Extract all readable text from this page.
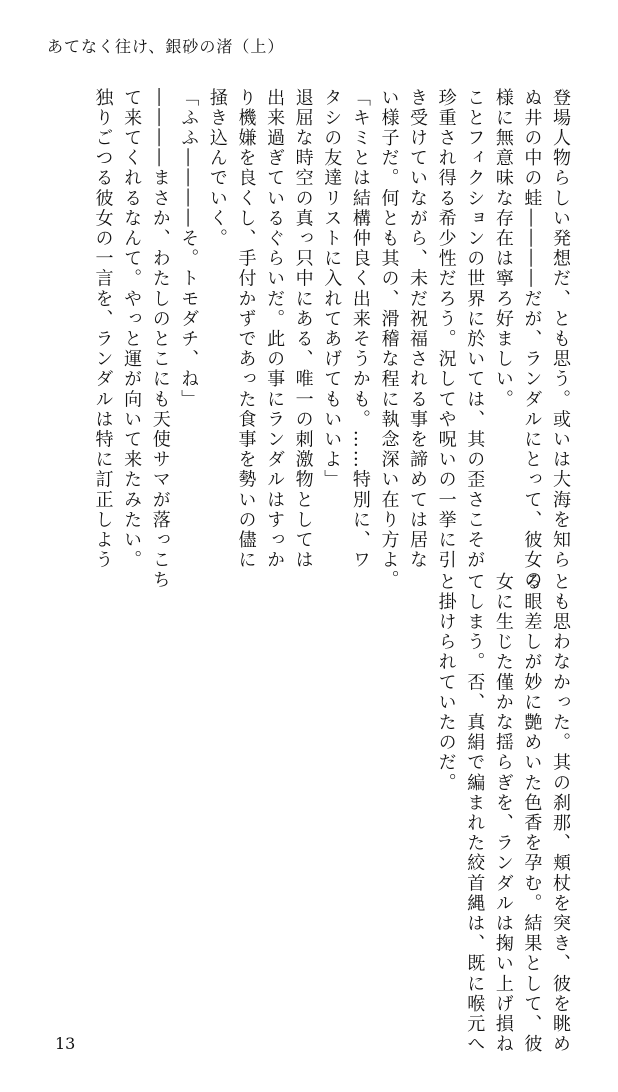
あてなく往け、銀砂の渚（上）
登場人物らしい発想だ、とも思う。或いは大海を知ら
ぬ井の中の蛙――――だが、ランダルにとって、彼女の
様に無意味な存在は寧ろ好ましい。
ことフィクションの世界に於いては、其の歪さこそが
珍重され得る希少性だろう。況してや呪いの一挙に引
き受けていながら、未だ祝福される事を諦めては居な
い様子だ。何とも其の、滑稽な程に執念深い在り方よ。
「キミとは結構仲良く出来そうかも。……特別に、ワ
タシの友達リストに入れてあげてもいいよ」
退屈な時空の真っ只中にある、唯一の刺激物としては
出来過ぎているぐらいだ。此の事にランダルはすっか
り機嫌を良くし、手付かずであった食事を勢いの儘に
掻き込んでいく。
「ふふ――――そ。トモダチ、ね」
――――まさか、わたしのとこにも天使サマが落っこち
て来てくれるなんて。やっと運が向いて来たみたい。
独りごつる彼女の一言を、ランダルは特に訂正しよう
とも思わなかった。其の刹那、頬杖を突き、彼を眺め
る眼差しが妙に艶めいた色香を孕む。結果として、彼
女に生じた僅かな揺らぎを、ランダルは掬い上げ損ね
てしまう。否、真絹で編まれた絞首縄は、既に喉元へ
と掛けられていたのだ。
13
